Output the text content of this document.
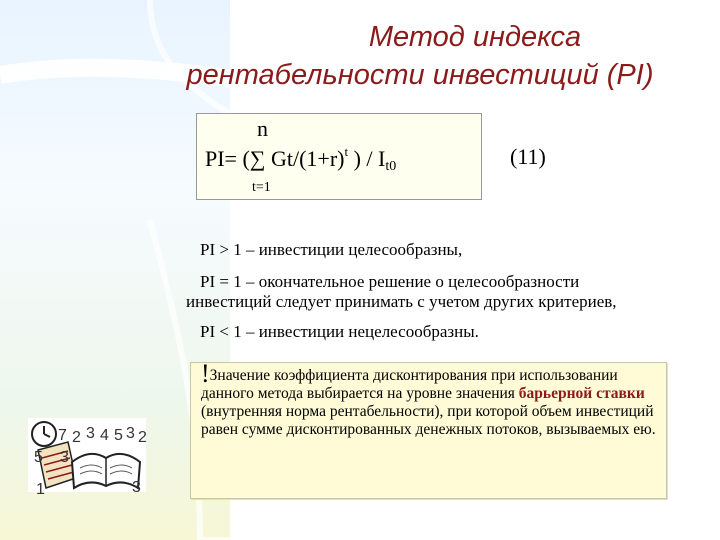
Метод индекса
рентабельности инвестиций (PI)
n
PI= (∑ $Gt/(1+r)^t$ ) / $I_{t0}$
t=1
(11)
PI > 1 – инвестиции целесообразны,
PI = 1 – окончательное решение о целесообразности
инвестиций следует принимать с учетом других критериев,
PI < 1 – инвестиции нецелесообразны.
!Значение коэффициента дисконтирования при использовании данного метода выбирается на уровне значения барьерной ставки (внутренняя норма рентабельности), при которой объем инвестиций равен сумме дисконтированных денежных потоков, вызываемых ею.
7 2 3 4 5 3 2
5 3
1	3
